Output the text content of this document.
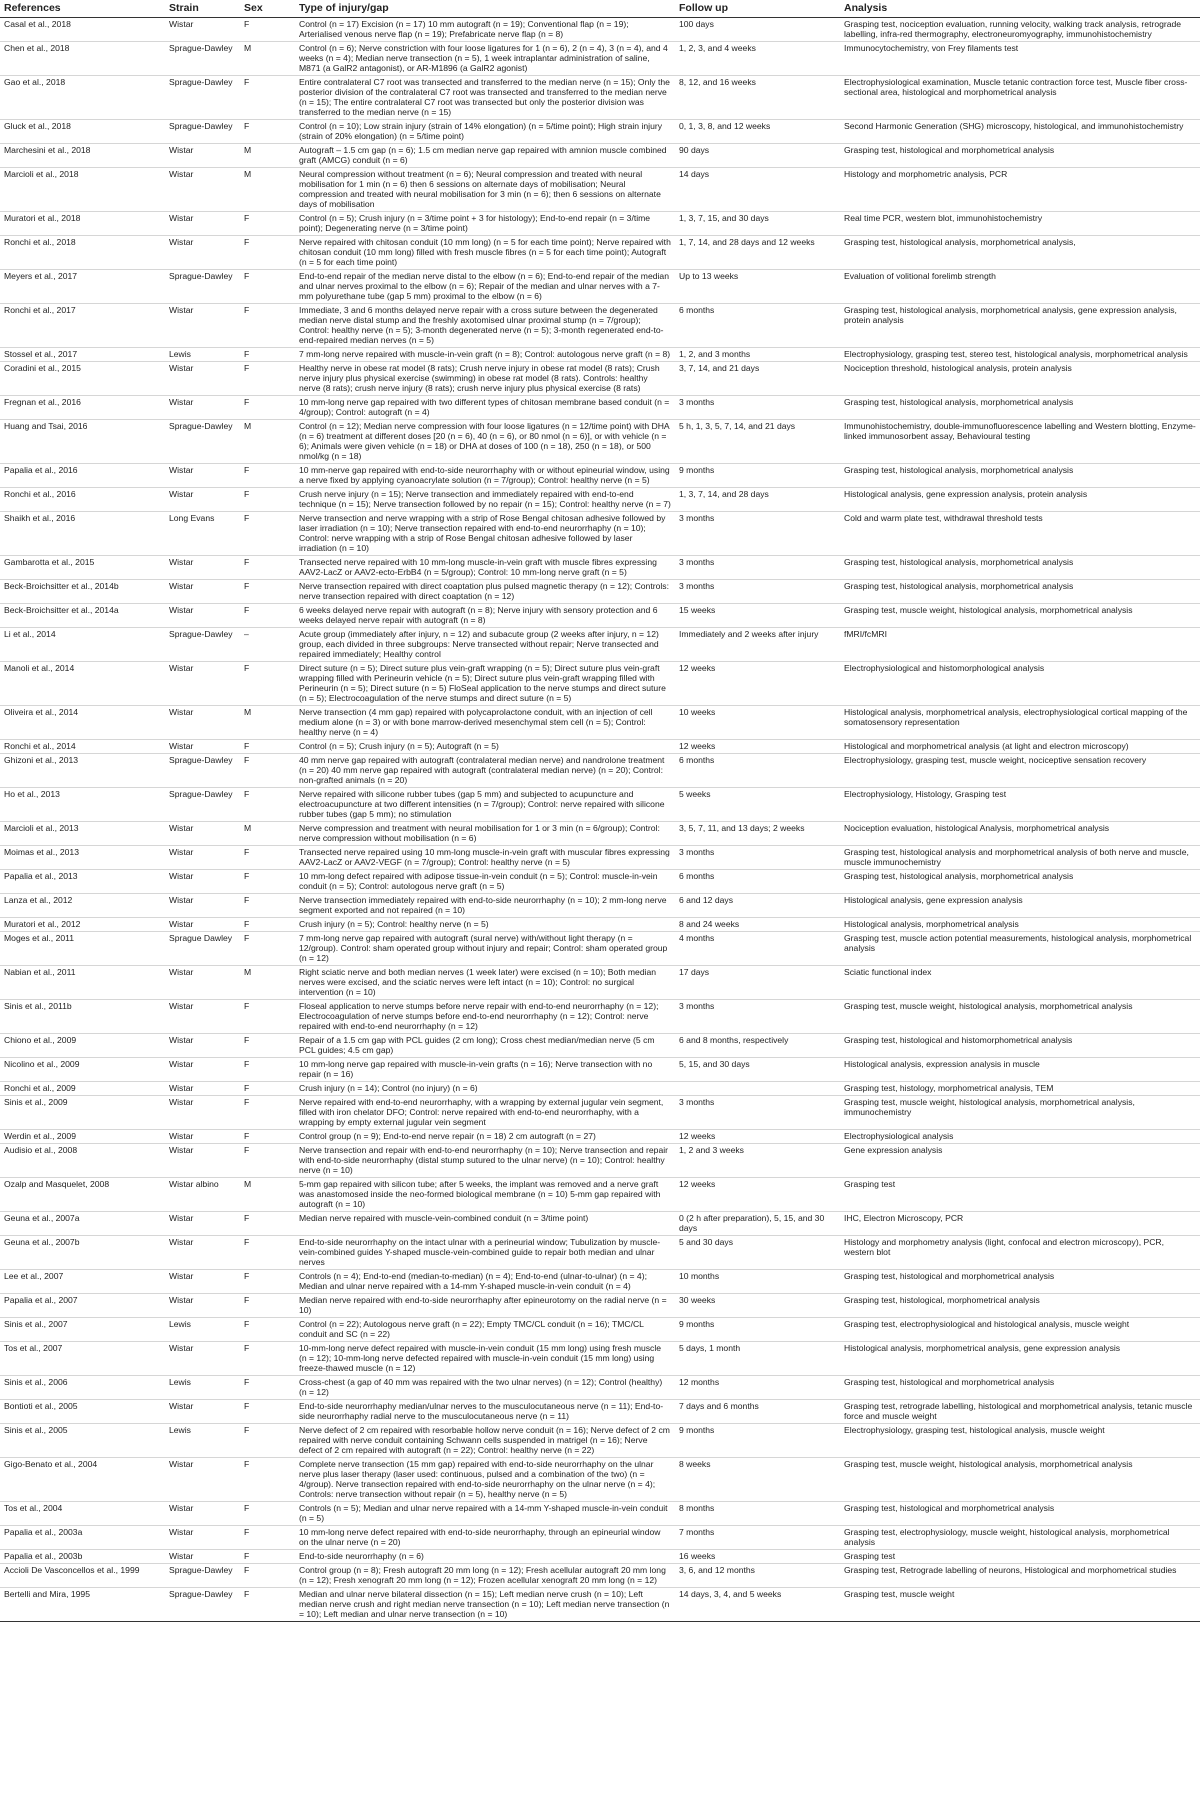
References	Strain	Sex	Type of injury/gap	Follow up	Analysis
Casal et al., 2018	Wistar	F	Control (n = 17) Excision (n = 17) 10 mm autograft (n = 19); Conventional flap (n = 19); Arterialised venous nerve flap (n = 19); Prefabricate nerve flap (n = 8)	100 days	Grasping test, nociception evaluation, running velocity, walking track analysis, retrograde labelling, infra-red thermography, electroneuromyography, immunohistochemistry
Chen et al., 2018	Sprague-Dawley	M	Control (n = 6); Nerve constriction with four loose ligatures for 1 (n = 6), 2 (n = 4), 3 (n = 4), and 4 weeks (n = 4); Median nerve transection (n = 5), 1 week intraplantar administration of saline, M871 (a GalR2 antagonist), or AR-M1896 (a GalR2 agonist)	1, 2, 3, and 4 weeks	Immunocytochemistry, von Frey filaments test
Gao et al., 2018	Sprague-Dawley	F	Entire contralateral C7 root was transected and transferred to the median nerve (n = 15); Only the posterior division of the contralateral C7 root was transected and transferred to the median nerve (n = 15); The entire contralateral C7 root was transected but only the posterior division was transferred to the median nerve (n = 15)	8, 12, and 16 weeks	Electrophysiological examination, Muscle tetanic contraction force test, Muscle fiber cross-sectional area, histological and morphometrical analysis
Gluck et al., 2018	Sprague-Dawley	F	Control (n = 10); Low strain injury (strain of 14% elongation) (n = 5/time point); High strain injury (strain of 20% elongation) (n = 5/time point)	0, 1, 3, 8, and 12 weeks	Second Harmonic Generation (SHG) microscopy, histological, and immunohistochemistry
Marchesini et al., 2018	Wistar	M	Autograft – 1.5 cm gap (n = 6); 1.5 cm median nerve gap repaired with amnion muscle combined graft (AMCG) conduit (n = 6)	90 days	Grasping test, histological and morphometrical analysis
Marcioli et al., 2018	Wistar	M	Neural compression without treatment (n = 6); Neural compression and treated with neural mobilisation for 1 min (n = 6) then 6 sessions on alternate days of mobilisation; Neural compression and treated with neural mobilisation for 3 min (n = 6); then 6 sessions on alternate days of mobilisation	14 days	Histology and morphometric analysis, PCR
Muratori et al., 2018	Wistar	F	Control (n = 5); Crush injury (n = 3/time point + 3 for histology); End-to-end repair (n = 3/time point); Degenerating nerve (n = 3/time point)	1, 3, 7, 15, and 30 days	Real time PCR, western blot, immunohistochemistry
Ronchi et al., 2018	Wistar	F	Nerve repaired with chitosan conduit (10 mm long) (n = 5 for each time point); Nerve repaired with chitosan conduit (10 mm long) filled with fresh muscle fibres (n = 5 for each time point); Autograft (n = 5 for each time point)	1, 7, 14, and 28 days and 12 weeks	Grasping test, histological analysis, morphometrical analysis,
Meyers et al., 2017	Sprague-Dawley	F	End-to-end repair of the median nerve distal to the elbow (n = 6); End-to-end repair of the median and ulnar nerves proximal to the elbow (n = 6); Repair of the median and ulnar nerves with a 7-mm polyurethane tube (gap 5 mm) proximal to the elbow (n = 6)	Up to 13 weeks	Evaluation of volitional forelimb strength
Ronchi et al., 2017	Wistar	F	Immediate, 3 and 6 months delayed nerve repair with a cross suture between the degenerated median nerve distal stump and the freshly axotomised ulnar proximal stump (n = 7/group); Control: healthy nerve (n = 5); 3-month degenerated nerve (n = 5); 3-month regenerated end-to-end-repaired median nerves (n = 5)	6 months	Grasping test, histological analysis, morphometrical analysis, gene expression analysis, protein analysis
Stossel et al., 2017	Lewis	F	7 mm-long nerve repaired with muscle-in-vein graft (n = 8); Control: autologous nerve graft (n = 8)	1, 2, and 3 months	Electrophysiology, grasping test, stereo test, histological analysis, morphometrical analysis
Coradini et al., 2015	Wistar	F	Healthy nerve in obese rat model (8 rats); Crush nerve injury in obese rat model (8 rats); Crush nerve injury plus physical exercise (swimming) in obese rat model (8 rats). Controls: healthy nerve (8 rats); crush nerve injury (8 rats); crush nerve injury plus physical exercise (8 rats)	3, 7, 14, and 21 days	Nociception threshold, histological analysis, protein analysis
Fregnan et al., 2016	Wistar	F	10 mm-long nerve gap repaired with two different types of chitosan membrane based conduit (n = 4/group); Control: autograft (n = 4)	3 months	Grasping test, histological analysis, morphometrical analysis
Huang and Tsai, 2016	Sprague-Dawley	M	Control (n = 12); Median nerve compression with four loose ligatures (n = 12/time point) with DHA (n = 6) treatment at different doses [20 (n = 6), 40 (n = 6), or 80 nmol (n = 6)], or with vehicle (n = 6); Animals were given vehicle (n = 18) or DHA at doses of 100 (n = 18), 250 (n = 18), or 500 nmol/kg (n = 18)	5 h, 1, 3, 5, 7, 14, and 21 days	Immunohistochemistry, double-immunofluorescence labelling and Western blotting, Enzyme-linked immunosorbent assay, Behavioural testing
Papalia et al., 2016	Wistar	F	10 mm-nerve gap repaired with end-to-side neurorrhaphy with or without epineurial window, using a nerve fixed by applying cyanoacrylate solution (n = 7/group); Control: healthy nerve (n = 5)	9 months	Grasping test, histological analysis, morphometrical analysis
Ronchi et al., 2016	Wistar	F	Crush nerve injury (n = 15); Nerve transection and immediately repaired with end-to-end technique (n = 15); Nerve transection followed by no repair (n = 15); Control: healthy nerve (n = 7)	1, 3, 7, 14, and 28 days	Histological analysis, gene expression analysis, protein analysis
Shaikh et al., 2016	Long Evans	F	Nerve transection and nerve wrapping with a strip of Rose Bengal chitosan adhesive followed by laser irradiation (n = 10); Nerve transection repaired with end-to-end neurorrhaphy (n = 10); Control: nerve wrapping with a strip of Rose Bengal chitosan adhesive followed by laser irradiation (n = 10)	3 months	Cold and warm plate test, withdrawal threshold tests
Gambarotta et al., 2015	Wistar	F	Transected nerve repaired with 10 mm-long muscle-in-vein graft with muscle fibres expressing AAV2-LacZ or AAV2-ecto-ErbB4 (n = 5/group); Control: 10 mm-long nerve graft (n = 5)	3 months	Grasping test, histological analysis, morphometrical analysis
Beck-Broichsitter et al., 2014b	Wistar	F	Nerve transection repaired with direct coaptation plus pulsed magnetic therapy (n = 12); Controls: nerve transection repaired with direct coaptation (n = 12)	3 months	Grasping test, histological analysis, morphometrical analysis
Beck-Broichsitter et al., 2014a	Wistar	F	6 weeks delayed nerve repair with autograft (n = 8); Nerve injury with sensory protection and 6 weeks delayed nerve repair with autograft (n = 8)	15 weeks	Grasping test, muscle weight, histological analysis, morphometrical analysis
Li et al., 2014	Sprague-Dawley	–	Acute group (immediately after injury, n = 12) and subacute group (2 weeks after injury, n = 12) group, each divided in three subgroups: Nerve transected without repair; Nerve transected and repaired immediately; Healthy control	Immediately and 2 weeks after injury	fMRI/fcMRI
Manoli et al., 2014	Wistar	F	Direct suture (n = 5); Direct suture plus vein-graft wrapping (n = 5); Direct suture plus vein-graft wrapping filled with Perineurin vehicle (n = 5); Direct suture plus vein-graft wrapping filled with Perineurin (n = 5); Direct suture (n = 5) FloSeal application to the nerve stumps and direct suture (n = 5); Electrocoagulation of the nerve stumps and direct suture (n = 5)	12 weeks	Electrophysiological and histomorphological analysis
Oliveira et al., 2014	Wistar	M	Nerve transection (4 mm gap) repaired with polycaprolactone conduit, with an injection of cell medium alone (n = 3) or with bone marrow-derived mesenchymal stem cell (n = 5); Control: healthy nerve (n = 4)	10 weeks	Histological analysis, morphometrical analysis, electrophysiological cortical mapping of the somatosensory representation
Ronchi et al., 2014	Wistar	F	Control (n = 5); Crush injury (n = 5); Autograft (n = 5)	12 weeks	Histological and morphometrical analysis (at light and electron microscopy)
Ghizoni et al., 2013	Sprague-Dawley	F	40 mm nerve gap repaired with autograft (contralateral median nerve) and nandrolone treatment (n = 20) 40 mm nerve gap repaired with autograft (contralateral median nerve) (n = 20); Control: non-grafted animals (n = 20)	6 months	Electrophysiology, grasping test, muscle weight, nociceptive sensation recovery
Ho et al., 2013	Sprague-Dawley	F	Nerve repaired with silicone rubber tubes (gap 5 mm) and subjected to acupuncture and electroacupuncture at two different intensities (n = 7/group); Control: nerve repaired with silicone rubber tubes (gap 5 mm); no stimulation	5 weeks	Electrophysiology, Histology, Grasping test
Marcioli et al., 2013	Wistar	M	Nerve compression and treatment with neural mobilisation for 1 or 3 min (n = 6/group); Control: nerve compression without mobilisation (n = 6)	3, 5, 7, 11, and 13 days; 2 weeks	Nociception evaluation, histological Analysis, morphometrical analysis
Moimas et al., 2013	Wistar	F	Transected nerve repaired using 10 mm-long muscle-in-vein graft with muscular fibres expressing AAV2-LacZ or AAV2-VEGF (n = 7/group); Control: healthy nerve (n = 5)	3 months	Grasping test, histological analysis and morphometrical analysis of both nerve and muscle, muscle immunochemistry
Papalia et al., 2013	Wistar	F	10 mm-long defect repaired with adipose tissue-in-vein conduit (n = 5); Control: muscle-in-vein conduit (n = 5); Control: autologous nerve graft (n = 5)	6 months	Grasping test, histological analysis, morphometrical analysis
Lanza et al., 2012	Wistar	F	Nerve transection immediately repaired with end-to-side neurorrhaphy (n = 10); 2 mm-long nerve segment exported and not repaired (n = 10)	6 and 12 days	Histological analysis, gene expression analysis
Muratori et al., 2012	Wistar	F	Crush injury (n = 5); Control: healthy nerve (n = 5)	8 and 24 weeks	Histological analysis, morphometrical analysis
Moges et al., 2011	Sprague Dawley	F	7 mm-long nerve gap repaired with autograft (sural nerve) with/without light therapy (n = 12/group). Control: sham operated group without injury and repair; Control: sham operated group (n = 12)	4 months	Grasping test, muscle action potential measurements, histological analysis, morphometrical analysis
Nabian et al., 2011	Wistar	M	Right sciatic nerve and both median nerves (1 week later) were excised (n = 10); Both median nerves were excised, and the sciatic nerves were left intact (n = 10); Control: no surgical intervention (n = 10)	17 days	Sciatic functional index
Sinis et al., 2011b	Wistar	F	Floseal application to nerve stumps before nerve repair with end-to-end neurorrhaphy (n = 12); Electrocoagulation of nerve stumps before end-to-end neurorrhaphy (n = 12); Control: nerve repaired with end-to-end neurorrhaphy (n = 12)	3 months	Grasping test, muscle weight, histological analysis, morphometrical analysis
Chiono et al., 2009	Wistar	F	Repair of a 1.5 cm gap with PCL guides (2 cm long); Cross chest median/median nerve (5 cm PCL guides; 4.5 cm gap)	6 and 8 months, respectively	Grasping test, histological and histomorphometrical analysis
Nicolino et al., 2009	Wistar	F	10 mm-long nerve gap repaired with muscle-in-vein grafts (n = 16); Nerve transection with no repair (n = 16)	5, 15, and 30 days	Histological analysis, expression analysis in muscle
Ronchi et al., 2009	Wistar	F	Crush injury (n = 14); Control (no injury) (n = 6)		Grasping test, histology, morphometrical analysis, TEM
Sinis et al., 2009	Wistar	F	Nerve repaired with end-to-end neurorrhaphy, with a wrapping by external jugular vein segment, filled with iron chelator DFO; Control: nerve repaired with end-to-end neurorrhaphy, with a wrapping by empty external jugular vein segment	3 months	Grasping test, muscle weight, histological analysis, morphometrical analysis, immunochemistry
Werdin et al., 2009	Wistar	F	Control group (n = 9); End-to-end nerve repair (n = 18) 2 cm autograft (n = 27)	12 weeks	Electrophysiological analysis
Audisio et al., 2008	Wistar	F	Nerve transection and repair with end-to-end neurorrhaphy (n = 10); Nerve transection and repair with end-to-side neurorrhaphy (distal stump sutured to the ulnar nerve) (n = 10); Control: healthy nerve (n = 10)	1, 2 and 3 weeks	Gene expression analysis
Ozalp and Masquelet, 2008	Wistar albino	M	5-mm gap repaired with silicon tube; after 5 weeks, the implant was removed and a nerve graft was anastomosed inside the neo-formed biological membrane (n = 10) 5-mm gap repaired with autograft (n = 10)	12 weeks	Grasping test
Geuna et al., 2007a	Wistar	F	Median nerve repaired with muscle-vein-combined conduit (n = 3/time point)	0 (2 h after preparation), 5, 15, and 30 days	IHC, Electron Microscopy, PCR
Geuna et al., 2007b	Wistar	F	End-to-side neurorrhaphy on the intact ulnar with a perineurial window; Tubulization by muscle-vein-combined guides Y-shaped muscle-vein-combined guide to repair both median and ulnar nerves	5 and 30 days	Histology and morphometry analysis (light, confocal and electron microscopy), PCR, western blot
Lee et al., 2007	Wistar	F	Controls (n = 4); End-to-end (median-to-median) (n = 4); End-to-end (ulnar-to-ulnar) (n = 4); Median and ulnar nerve repaired with a 14-mm Y-shaped muscle-in-vein conduit (n = 4)	10 months	Grasping test, histological and morphometrical analysis
Papalia et al., 2007	Wistar	F	Median nerve repaired with end-to-side neurorrhaphy after epineurotomy on the radial nerve (n = 10)	30 weeks	Grasping test, histological, morphometrical analysis
Sinis et al., 2007	Lewis	F	Control (n = 22); Autologous nerve graft (n = 22); Empty TMC/CL conduit (n = 16); TMC/CL conduit and SC (n = 22)	9 months	Grasping test, electrophysiological and histological analysis, muscle weight
Tos et al., 2007	Wistar	F	10-mm-long nerve defect repaired with muscle-in-vein conduit (15 mm long) using fresh muscle (n = 12); 10-mm-long nerve defected repaired with muscle-in-vein conduit (15 mm long) using freeze-thawed muscle (n = 12)	5 days, 1 month	Histological analysis, morphometrical analysis, gene expression analysis
Sinis et al., 2006	Lewis	F	Cross-chest (a gap of 40 mm was repaired with the two ulnar nerves) (n = 12); Control (healthy) (n = 12)	12 months	Grasping test, histological and morphometrical analysis
Bontioti et al., 2005	Wistar	F	End-to-side neurorrhaphy median/ulnar nerves to the musculocutaneous nerve (n = 11); End-to-side neurorrhaphy radial nerve to the musculocutaneous nerve (n = 11)	7 days and 6 months	Grasping test, retrograde labelling, histological and morphometrical analysis, tetanic muscle force and muscle weight
Sinis et al., 2005	Lewis	F	Nerve defect of 2 cm repaired with resorbable hollow nerve conduit (n = 16); Nerve defect of 2 cm repaired with nerve conduit containing Schwann cells suspended in matrigel (n = 16); Nerve defect of 2 cm repaired with autograft (n = 22); Control: healthy nerve (n = 22)	9 months	Electrophysiology, grasping test, histological analysis, muscle weight
Gigo-Benato et al., 2004	Wistar	F	Complete nerve transection (15 mm gap) repaired with end-to-side neurorrhaphy on the ulnar nerve plus laser therapy (laser used: continuous, pulsed and a combination of the two) (n = 4/group). Nerve transection repaired with end-to-side neurorrhaphy on the ulnar nerve (n = 4); Controls: nerve transection without repair (n = 5), healthy nerve (n = 5)	8 weeks	Grasping test, muscle weight, histological analysis, morphometrical analysis
Tos et al., 2004	Wistar	F	Controls (n = 5); Median and ulnar nerve repaired with a 14-mm Y-shaped muscle-in-vein conduit (n = 5)	8 months	Grasping test, histological and morphometrical analysis
Papalia et al., 2003a	Wistar	F	10 mm-long nerve defect repaired with end-to-side neurorrhaphy, through an epineurial window on the ulnar nerve (n = 20)	7 months	Grasping test, electrophysiology, muscle weight, histological analysis, morphometrical analysis
Papalia et al., 2003b	Wistar	F	End-to-side neurorrhaphy (n = 6)	16 weeks	Grasping test
Accioli De Vasconcellos et al., 1999	Sprague-Dawley	F	Control group (n = 8); Fresh autograft 20 mm long (n = 12); Fresh acellular autograft 20 mm long (n = 12); Fresh xenograft 20 mm long (n = 12); Frozen acellular xenograft 20 mm long (n = 12)	3, 6, and 12 months	Grasping test, Retrograde labelling of neurons, Histological and morphometrical studies
Bertelli and Mira, 1995	Sprague-Dawley	F	Median and ulnar nerve bilateral dissection (n = 15); Left median nerve crush (n = 10); Left median nerve crush and right median nerve transection (n = 10); Left median nerve transection (n = 10); Left median and ulnar nerve transection (n = 10)	14 days, 3, 4, and 5 weeks	Grasping test, muscle weight
